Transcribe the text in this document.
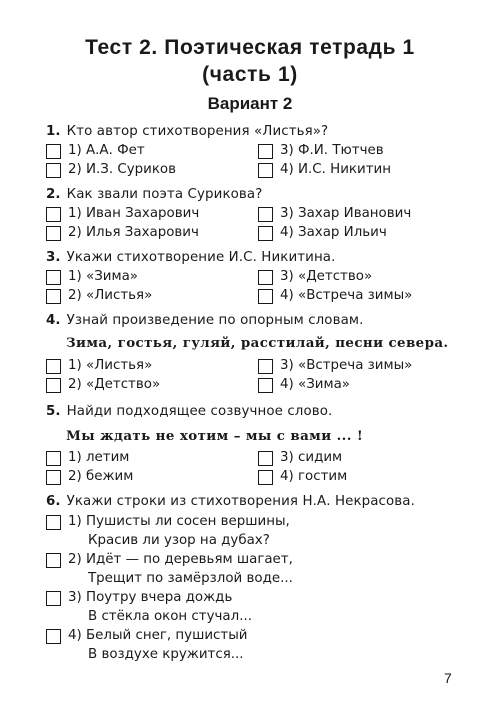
Тест 2. Поэтическая тетрадь 1
(часть 1)
Вариант 2
1. Кто автор стихотворения «Листья»?
1) А.А. Фет
2) И.З. Суриков
3) Ф.И. Тютчев
4) И.С. Никитин
2. Как звали поэта Сурикова?
1) Иван Захарович
2) Илья Захарович
3) Захар Иванович
4) Захар Ильич
3. Укажи стихотворение И.С. Никитина.
1) «Зима»
2) «Листья»
3) «Детство»
4) «Встреча зимы»
4. Узнай произведение по опорным словам.
Зима, гостья, гуляй, расстилай, песни севера.
1) «Листья»
2) «Детство»
3) «Встреча зимы»
4) «Зима»
5. Найди подходящее созвучное слово.
Мы ждать не хотим – мы с вами ... !
1) летим
2) бежим
3) сидим
4) гостим
6. Укажи строки из стихотворения Н.А. Некрасова.
1) Пушисты ли сосен вершины,
Красив ли узор на дубах?
2) Идёт — по деревьям шагает,
Трещит по замёрзлой воде...
3) Поутру вчера дождь
В стёкла окон стучал...
4) Белый снег, пушистый
В воздухе кружится...
7
